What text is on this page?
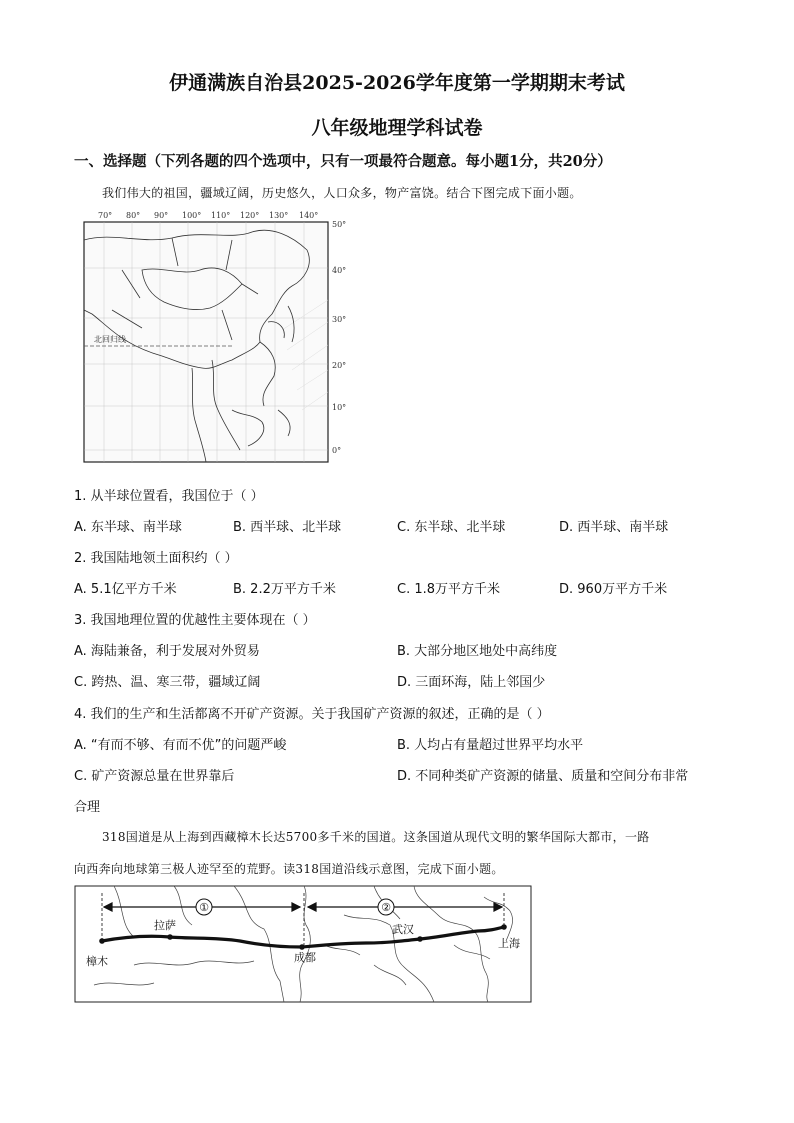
伊通满族自治县2025-2026学年度第一学期期末考试
八年级地理学科试卷
一、选择题（下列各题的四个选项中，只有一项最符合题意。每小题1分，共20分）
我们伟大的祖国，疆域辽阔，历史悠久，人口众多，物产富饶。结合下图完成下面小题。
70° 80° 90° 100° 110° 120° 130° 140°
50°
40°
30°
20°
10°
0°
北回归线
1. 从半球位置看，我国位于（ ）
A. 东半球、南半球	B. 西半球、北半球	C. 东半球、北半球	D. 西半球、南半球
2. 我国陆地领土面积约（ ）
A. 5.1亿平方千米	B. 2.2万平方千米	C. 1.8万平方千米	D. 960万平方千米
3. 我国地理位置的优越性主要体现在（ ）
A. 海陆兼备，利于发展对外贸易	B. 大部分地区地处中高纬度
C. 跨热、温、寒三带，疆域辽阔	D. 三面环海，陆上邻国少
4. 我们的生产和生活都离不开矿产资源。关于我国矿产资源的叙述，正确的是（ ）
A. “有而不够、有而不优”的问题严峻	B. 人均占有量超过世界平均水平
C. 矿产资源总量在世界靠后	D. 不同种类矿产资源的储量、质量和空间分布非常
合理
318国道是从上海到西藏樟木长达5700多千米的国道。这条国道从现代文明的繁华国际大都市，一路
向西奔向地球第三极人迹罕至的荒野。读318国道沿线示意图，完成下面小题。
①	②
拉萨	武汉
樟木	成都
上海
